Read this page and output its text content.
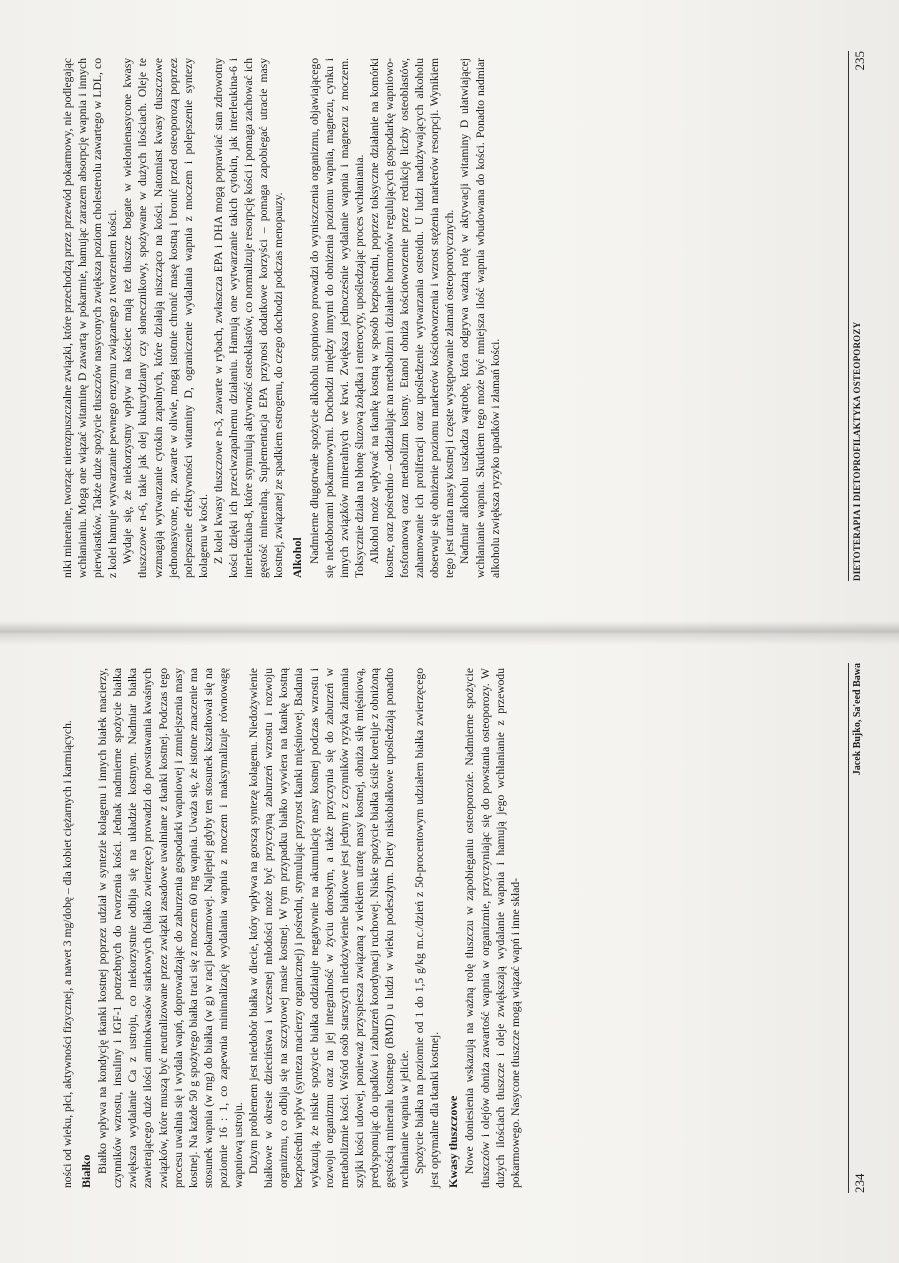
ności od wieku, płci, aktywności fizycznej, a nawet 3 mg/dobę – dla kobiet ciężarnych i karmiących. Białko Białko wpływa na kondycję tkanki kostnej poprzez udział w syntezie kolagenu i innych białek macierzy, czynników wzrostu, insuliny i IGF-1 potrzebnych do tworzenia kości. Jednak nadmierne spożycie białka zwiększa wydalanie Ca z ustroju, co niekorzystnie odbija się na układzie kostnym. Nadmiar białka zawierającego duże ilości aminokwasów siarkowych (białko zwierzęce) prowadzi do powstawania kwaśnych związków, które muszą być neutralizowane przez związki zasadowe uwalniane z tkanki kostnej. Podczas tego procesu uwalnia się i wydala wapń, doprowadzając do zaburzenia gospodarki wapniowej i zmniejszenia masy kostnej. Na każde 50 g spożytego białka traci się z moczem 60 mg wapnia. Uważa się, że istotne znaczenie ma stosunek wapnia (w mg) do białka (w g) w racji pokarmowej. Najlepiej gdyby ten stosunek kształtował się na poziomie 16 : 1, co zapewnia minimalizację wydalania wapnia z moczem i maksymalizuje równowagę wapniową ustroju. Dużym problemem jest niedobór białka w diecie, który wpływa na gorszą syntezę kolagenu. Niedożywienie białkowe w okresie dzieciństwa i wczesnej młodości może być przyczyną zaburzeń wzrostu i rozwoju organizmu, co odbija się na szczytowej masie kostnej. W tym przypadku białko wywiera na tkankę kostną bezpośredni wpływ (synteza macierzy organicznej) i pośredni, stymulując przyrost tkanki mięśniowej. Badania wykazują, że niskie spożycie białka oddziałuje negatywnie na akumulację masy kostnej podczas wzrostu i rozwoju organizmu oraz na jej integralność w życiu dorosłym, a także przyczynia się do zaburzeń w metabolizmie kości. Wśród osób starszych niedożywienie białkowe jest jednym z czynników ryzyka złamania szyjki kości udowej, ponieważ przyspiesza związaną z wiekiem utratę masy kostnej, obniża siłę mięśniową, predysponując do upadków i zaburzeń koordynacji ruchowej. Niskie spożycie białka ściśle koreluje z obniżoną gęstością minerału kostnego (BMD) u ludzi w wieku podeszłym. Diety niskobiałkowe upośledzają ponadto wchłanianie wapnia w jelicie. Spożycie białka na poziomie od 1 do 1,5 g/kg m.c./dzień z 50-procentowym udziałem białka zwierzęcego jest optymalne dla tkanki kostnej. Kwasy tłuszczowe Nowe doniesienia wskazują na ważną rolę tłuszczu w zapobieganiu osteoporozie. Nadmierne spożycie tłuszczów i olejów obniża zawartość wapnia w organizmie, przyczyniając się do powstania osteoporozy. W dużych ilościach tłuszcze i oleje zwiększają wydalanie wapnia i hamują jego wchłanianie z przewodu pokarmowego. Nasycone tłuszcze mogą wiązać wapń i inne skład-	234
Jacek Bujko, Sa'eed Bawa

niki mineralne, tworząc nierozpuszczalne związki, które przechodzą przez przewód pokarmowy, nie podlegając wchłanianiu. Mogą one wiązać witaminę D zawartą w pokarmie, hamując zarazem absorpcję wapnia i innych pierwiastków. Także duże spożycie tłuszczów nasyconych zwiększa poziom cholesterolu zawartego w LDL, co z kolei hamuje wytwarzanie pewnego enzymu związanego z tworzeniem kości. Wydaje się, że niekorzystny wpływ na kościec mają też tłuszcze bogate w wielonienasycone kwasy tłuszczowe n-6, takie jak olej kukurydziany czy słonecznikowy, spożywane w dużych ilościach. Oleje te wzmagają wytwarzanie cytokin zapalnych, które działają niszcząco na kości. Natomiast kwasy tłuszczowe jednonasycone, np. zawarte w oliwie, mogą istotnie chronić masę kostną i bronić przed osteoporozą poprzez polepszenie efektywności witaminy D, ograniczenie wydalania wapnia z moczem i polepszenie syntezy kolagenu w kości. Z kolei kwasy tłuszczowe n-3, zawarte w rybach, zwłaszcza EPA i DHA mogą poprawiać stan zdrowotny kości dzięki ich przeciwzapalnemu działaniu. Hamują one wytwarzanie takich cytokin, jak interleukina-6 i interleukina-8, które stymulują aktywność osteoklastów, co normalizuje resorpcję kości i pomaga zachować ich gęstość mineralną. Suplementacja EPA przynosi dodatkowe korzyści – pomaga zapobiegać utracie masy kostnej, związanej ze spadkiem estrogenu, do czego dochodzi podczas menopauzy. Alkohol Nadmierne długotrwałe spożycie alkoholu stopniowo prowadzi do wyniszczenia organizmu, objawiającego się niedoborami pokarmowymi. Dochodzi między innymi do obniżenia poziomu wapnia, magnezu, cynku i innych związków mineralnych we krwi. Zwiększa jednocześnie wydalanie wapnia i magnezu z moczem. Toksycznie działa na błonę śluzową żołądka i enterocyty, upośledzając proces wchłaniania. Alkohol może wpływać na tkankę kostną w sposób bezpośredni, poprzez toksyczne działanie na komórki kostne, oraz pośrednio – oddziałując na metabolizm i działanie hormonów regulujących gospodarkę wapniowo-fosforanową oraz metabolizm kostny. Etanol obniża kościotworzenie przez redukcję liczby osteoblastów, zahamowanie ich proliferacji oraz upośledzenie wytwarzania osteoidu. U ludzi nadużywających alkoholu obserwuje się obniżenie poziomu markerów kościotworzenia i wzrost stężenia markerów resorpcji. Wynikiem tego jest utrata masy kostnej i częste występowanie złamań osteoporotycznych. Nadmiar alkoholu uszkadza wątrobę, która odgrywa ważną rolę w aktywacji witaminy D ułatwiającej wchłanianie wapnia. Skutkiem tego może być mniejsza ilość wapnia wbudowana do kości. Ponadto nadmiar alkoholu zwiększa ryzyko upadków i złamań kości.	DIETOTERAPIA I DIETOPROFILAKTYKA OSTEOPOROZY
235
